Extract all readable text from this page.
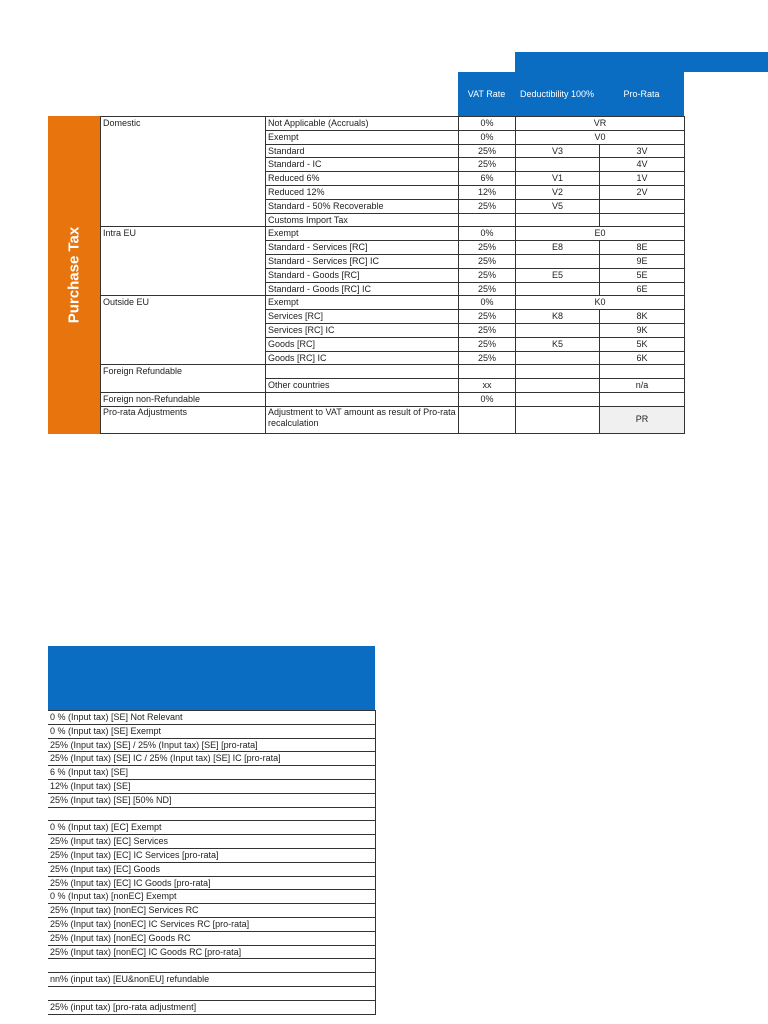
VAT Rate	Deductibility 100%	Pro-Rata
Purchase Tax
Domestic	Not Applicable (Accruals)	0%	VR	
	Exempt	0%	V0	
	Standard	25%	V3	3V
	Standard - IC	25%		4V
	Reduced 6%	6%	V1	1V
	Reduced 12%	12%	V2	2V
	Standard - 50% Recoverable	25%	V5	
	Customs Import Tax			
Intra EU	Exempt	0%	E0	
	Standard - Services [RC]	25%	E8	8E
	Standard - Services [RC] IC	25%		9E
	Standard - Goods [RC]	25%	E5	5E
	Standard - Goods [RC] IC	25%		6E
Outside EU	Exempt	0%	K0	
	Services [RC]	25%	K8	8K
	Services [RC] IC	25%		9K
	Goods [RC]	25%	K5	5K
	Goods [RC] IC	25%		6K
Foreign Refundable				
	Other countries	xx		n/a
Foreign non-Refundable		0%		
Pro-rata Adjustments	Adjustment to VAT amount as result of Pro-rata recalculation			PR
0 % (Input tax) [SE] Not Relevant
0 % (Input tax) [SE] Exempt
25% (Input tax) [SE] / 25% (Input tax) [SE] [pro-rata]
25% (Input tax) [SE] IC / 25% (Input tax) [SE] IC [pro-rata]
6 % (Input tax) [SE]
12% (Input tax) [SE]
25% (Input tax) [SE] [50% ND]
0 % (Input tax) [EC] Exempt
25% (Input tax) [EC] Services
25% (Input tax) [EC] IC Services [pro-rata]
25% (Input tax) [EC] Goods
25% (Input tax) [EC] IC Goods [pro-rata]
0 % (Input tax) [nonEC] Exempt
25% (Input tax) [nonEC] Services RC
25% (Input tax) [nonEC] IC Services RC [pro-rata]
25% (Input tax) [nonEC] Goods RC
25% (Input tax) [nonEC] IC Goods RC [pro-rata]
nn% (input tax) [EU&nonEU] refundable
25% (input tax) [pro-rata adjustment]
